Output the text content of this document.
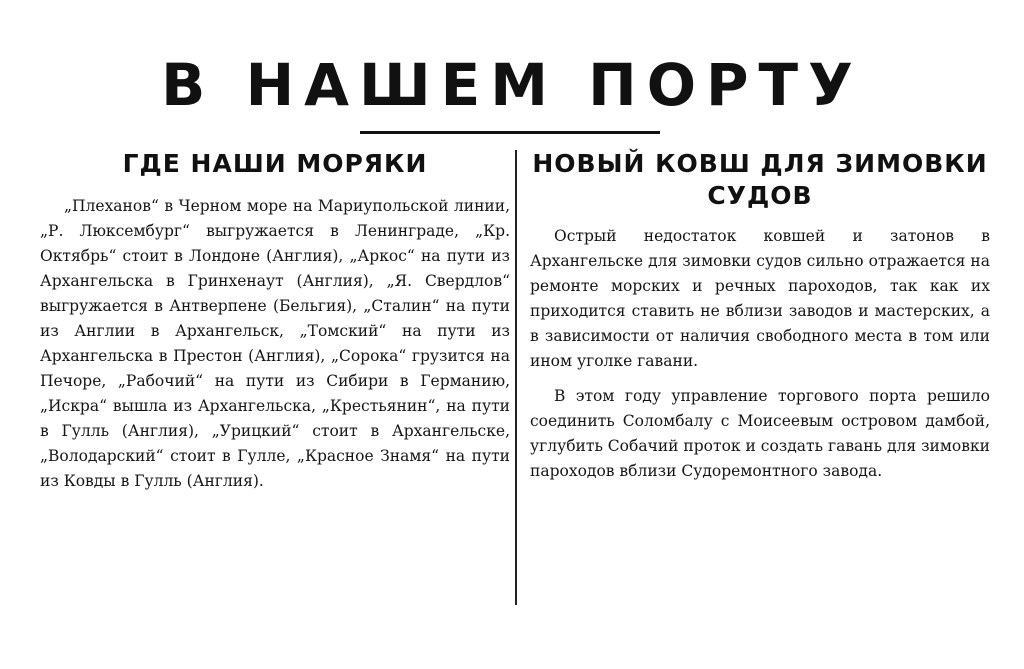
В НАШЕМ ПОРТУ
ГДЕ НАШИ МОРЯКИ

„Плеханов“ в Черном море на Мариупольской линии, „Р. Люксембург“ выгружается в Ленинграде, „Кр. Октябрь“ стоит в Лондоне (Англия), „Аркос“ на пути из Архангельска в Гринхенаут (Англия), „Я. Свердлов“ выгружается в Антверпене (Бельгия), „Сталин“ на пути из Англии в Архангельск, „Томский“ на пути из Архангельска в Престон (Англия), „Сорока“ грузится на Печоре, „Рабочий“ на пути из Сибири в Германию, „Искра“ вышла из Архангельска, „Крестьянин“, на пути в Гулль (Англия), „Урицкий“ стоит в Архангельске, „Володарский“ стоит в Гулле, „Красное Знамя“ на пути из Ковды в Гулль (Англия).

НОВЫЙ КОВШ ДЛЯ ЗИМОВКИ
СУДОВ

Острый недостаток ковшей и затонов в Архангельске для зимовки судов сильно отражается на ремонте морских и речных пароходов, так как их приходится ставить не вблизи заводов и мастерских, а в зависимости от наличия свободного места в том или ином уголке гавани.

В этом году управление торгового порта решило соединить Соломбалу с Моисеевым островом дамбой, углубить Собачий проток и создать гавань для зимовки пароходов вблизи Судоремонтного завода.
